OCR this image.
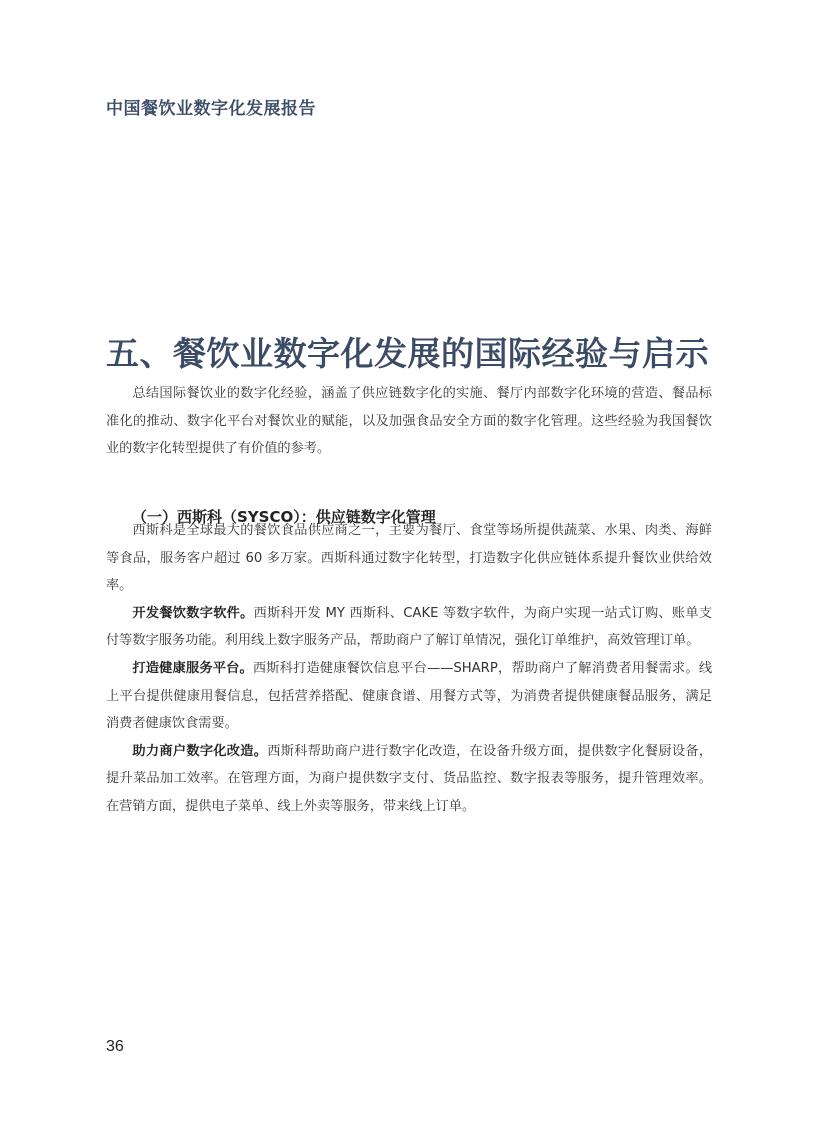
中国餐饮业数字化发展报告
五、餐饮业数字化发展的国际经验与启示

总结国际餐饮业的数字化经验，涵盖了供应链数字化的实施、餐厅内部数字化环境的营造、餐品标准化的推动、数字化平台对餐饮业的赋能，以及加强食品安全方面的数字化管理。这些经验为我国餐饮业的数字化转型提供了有价值的参考。

（一）西斯科（SYSCO）：供应链数字化管理

西斯科是全球最大的餐饮食品供应商之一，主要为餐厅、食堂等场所提供蔬菜、水果、肉类、海鲜等食品，服务客户超过 60 多万家。西斯科通过数字化转型，打造数字化供应链体系提升餐饮业供给效率。

开发餐饮数字软件。西斯科开发 MY 西斯科、CAKE 等数字软件，为商户实现一站式订购、账单支付等数字服务功能。利用线上数字服务产品，帮助商户了解订单情况，强化订单维护，高效管理订单。

打造健康服务平台。西斯科打造健康餐饮信息平台——SHARP，帮助商户了解消费者用餐需求。线上平台提供健康用餐信息，包括营养搭配、健康食谱、用餐方式等，为消费者提供健康餐品服务，满足消费者健康饮食需要。

助力商户数字化改造。西斯科帮助商户进行数字化改造，在设备升级方面，提供数字化餐厨设备，提升菜品加工效率。在管理方面，为商户提供数字支付、货品监控、数字报表等服务，提升管理效率。在营销方面，提供电子菜单、线上外卖等服务，带来线上订单。

36
